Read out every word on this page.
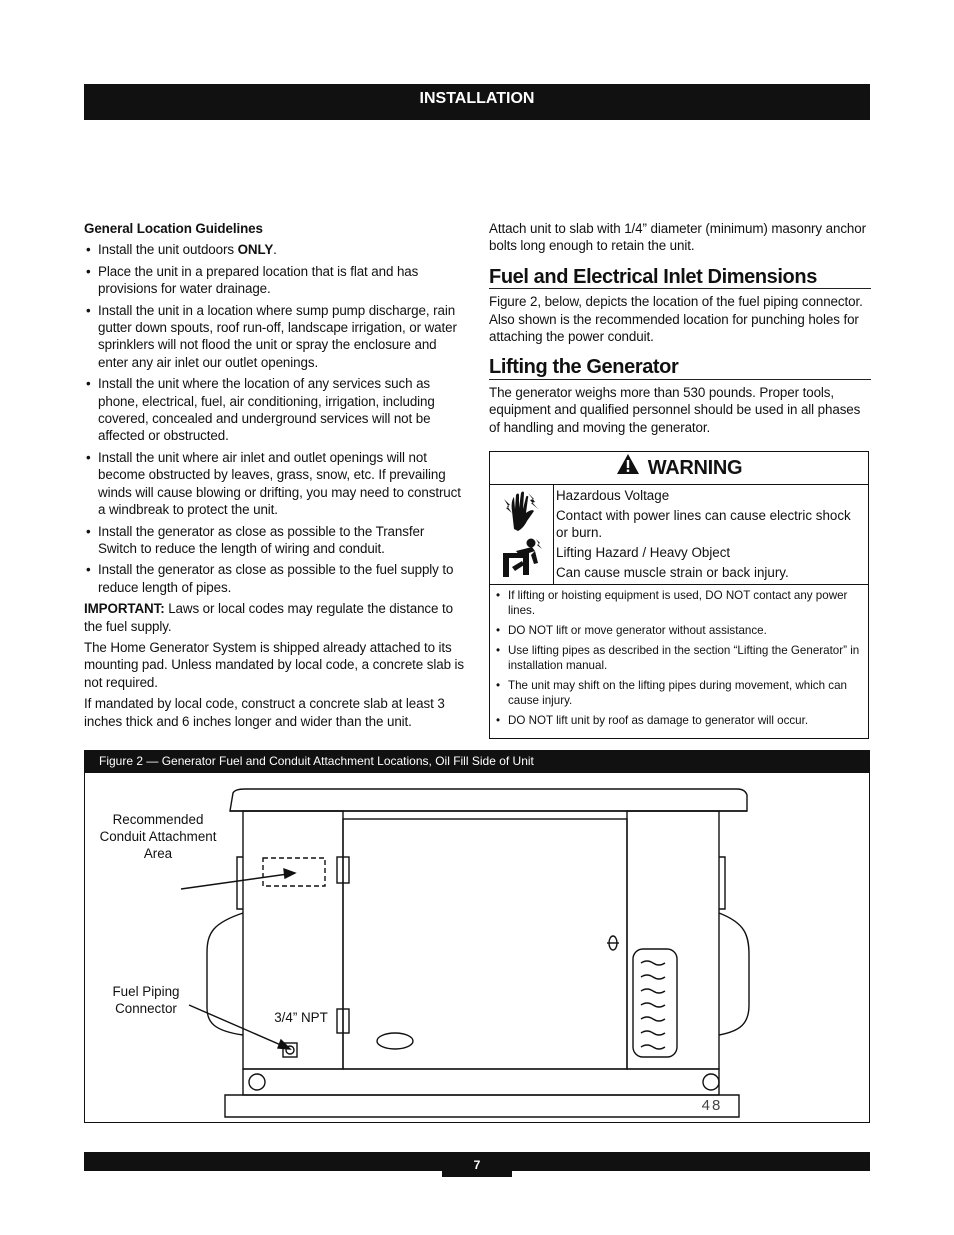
INSTALLATION
General Location Guidelines
• Install the unit outdoors ONLY.
• Place the unit in a prepared location that is flat and has provisions for water drainage.
• Install the unit in a location where sump pump discharge, rain gutter down spouts, roof run-off, landscape irrigation, or water sprinklers will not flood the unit or spray the enclosure and enter any air inlet our outlet openings.
• Install the unit where the location of any services such as phone, electrical, fuel, air conditioning, irrigation, including covered, concealed and underground services will not be affected or obstructed.
• Install the unit where air inlet and outlet openings will not become obstructed by leaves, grass, snow, etc. If prevailing winds will cause blowing or drifting, you may need to construct a windbreak to protect the unit.
• Install the generator as close as possible to the Transfer Switch to reduce the length of wiring and conduit.
• Install the generator as close as possible to the fuel supply to reduce length of pipes.

IMPORTANT: Laws or local codes may regulate the distance to the fuel supply.

The Home Generator System is shipped already attached to its mounting pad. Unless mandated by local code, a concrete slab is not required.

If mandated by local code, construct a concrete slab at least 3 inches thick and 6 inches longer and wider than the unit.

Attach unit to slab with 1/4” diameter (minimum) masonry anchor bolts long enough to retain the unit.

Fuel and Electrical Inlet Dimensions

Figure 2, below, depicts the location of the fuel piping connector. Also shown is the recommended location for punching holes for attaching the power conduit.

Lifting the Generator

The generator weighs more than 530 pounds. Proper tools, equipment and qualified personnel should be used in all phases of handling and moving the generator.

WARNING
Hazardous Voltage
Contact with power lines can cause electric shock or burn.
Lifting Hazard / Heavy Object
Can cause muscle strain or back injury.
• If lifting or hoisting equipment is used, DO NOT contact any power lines.
• DO NOT lift or move generator without assistance.
• Use lifting pipes as described in the section “Lifting the Generator” in installation manual.
• The unit may shift on the lifting pipes during movement, which can cause injury.
• DO NOT lift unit by roof as damage to generator will occur.
Figure 2 — Generator Fuel and Conduit Attachment Locations, Oil Fill Side of Unit
Recommended Conduit Attachment Area
Fuel Piping Connector
3/4” NPT
48
7
